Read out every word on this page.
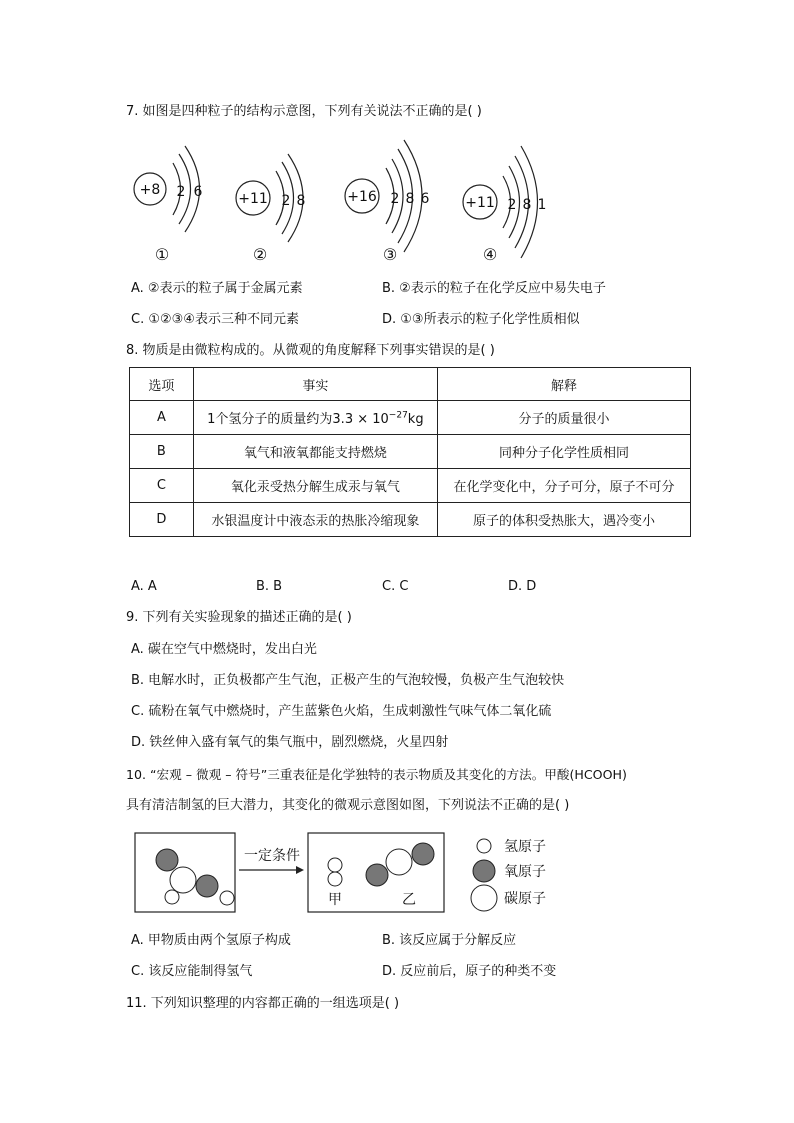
7. 如图是四种粒子的结构示意图，下列有关说法不正确的是( )
+8 2 6	+11 2 8	+16 2 8 6	+11 2 8 1
①	②	③	④
A. ②表示的粒子属于金属元素	B. ②表示的粒子在化学反应中易失电子
C. ①②③④表示三种不同元素	D. ①③所表示的粒子化学性质相似
8. 物质是由微粒构成的。从微观的角度解释下列事实错误的是( )
选项	事实	解释
A	1个氢分子的质量约为$3.3 \times 10^{-27}kg$	分子的质量很小
B	氧气和液氧都能支持燃烧	同种分子化学性质相同
C	氧化汞受热分解生成汞与氧气	在化学变化中，分子可分，原子不可分
D	水银温度计中液态汞的热胀冷缩现象	原子的体积受热胀大，遇冷变小
A. A	B. B	C. C	D. D
9. 下列有关实验现象的描述正确的是( )
A. 碳在空气中燃烧时，发出白光
B. 电解水时，正负极都产生气泡，正极产生的气泡较慢，负极产生气泡较快
C. 硫粉在氧气中燃烧时，产生蓝紫色火焰，生成刺激性气味气体二氧化硫
D. 铁丝伸入盛有氧气的集气瓶中，剧烈燃烧，火星四射
10. “宏观 – 微观 – 符号”三重表征是化学独特的表示物质及其变化的方法。甲酸(HCOOH)
具有清洁制氢的巨大潜力，其变化的微观示意图如图，下列说法不正确的是( )
一定条件
甲	乙
氢原子
氧原子
碳原子
A. 甲物质由两个氢原子构成	B. 该反应属于分解反应
C. 该反应能制得氢气	D. 反应前后，原子的种类不变
11. 下列知识整理的内容都正确的一组选项是( )
